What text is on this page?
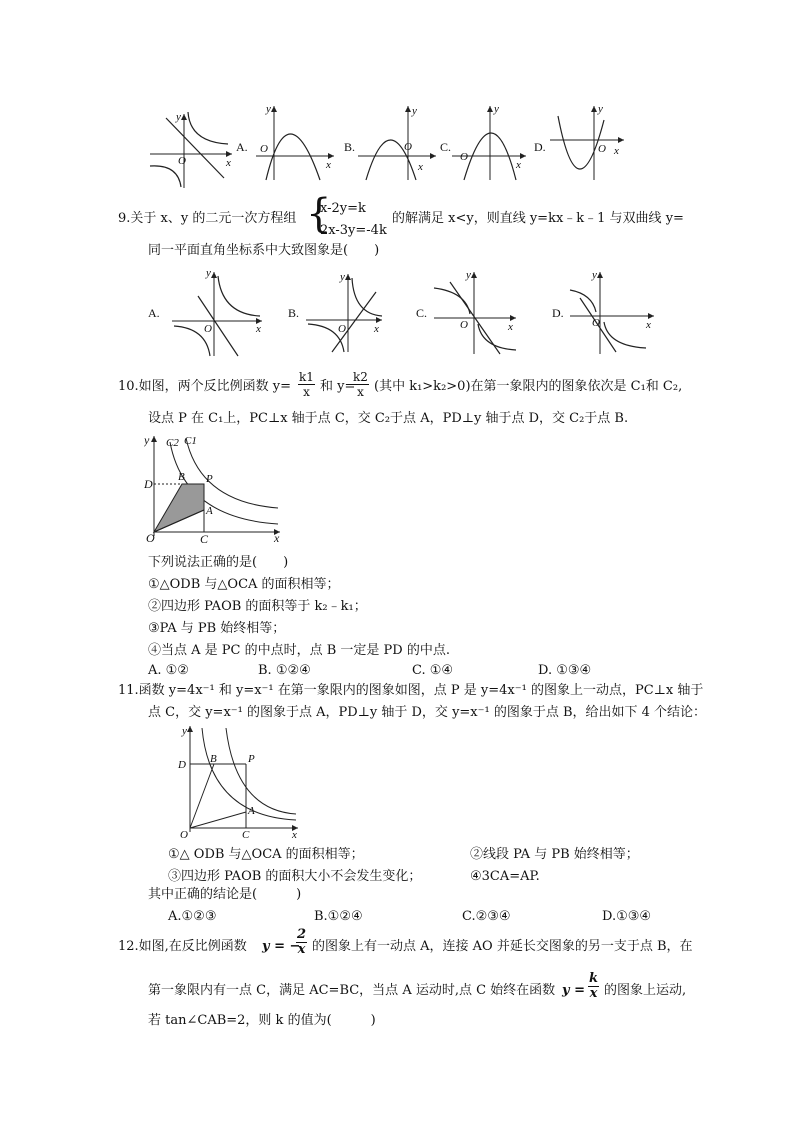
O	x
y
A. O
x
y
B.	O
x
y
C.
O
x
y
D.	O x
y
9.关于 x、y 的二元一次方程组 {
x-2y=k
2x-3y=-4k
的解满足 x<y，则直线 y=kx﹣k﹣1 与双曲线 y=
同一平面直角坐标系中大致图象是(　　)
A.
O	x
y
B.
O	x
y
C.
O	x
y
D.
O	x
y
10.如图，两个反比例函数 $y= \frac{k1}{x}$ 和 y=
$\frac{k2}{x}$ (其中 k₁>k₂>0)在第一象限内的图象依次是 C₁和 C₂,
设点 P 在 C₁上，PC⊥x 轴于点 C，交 C₂于点 A，PD⊥y 轴于点 D，交 C₂于点 B.
y C2 C1
D B P
A
O	C	x
下列说法正确的是(　　)
①△ODB 与△OCA 的面积相等；
②四边形 PAOB 的面积等于 k₂﹣k₁；
③PA 与 PB 始终相等；
④当点 A 是 PC 的中点时，点 B 一定是 PD 的中点.
A. ①②	B. ①②④	C. ①④	D. ①③④
11.函数 y=4x⁻¹ 和 y=x⁻¹ 在第一象限内的图象如图，点 P 是 y=4x⁻¹ 的图象上一动点，PC⊥x 轴于
点 C，交 y=x⁻¹ 的图象于点 A，PD⊥y 轴于 D，交 y=x⁻¹ 的图象于点 B，给出如下 4 个结论：
y
D B	P
A
O	C	x
①△ ODB 与△OCA 的面积相等；	②线段 PA 与 PB 始终相等；
③四边形 PAOB 的面积大小不会发生变化；	④3CA=AP.
其中正确的结论是(　　　)
A.①②③	B.①②④	C.②③④	D.①③④
12.如图,在反比例函数 y = −
$\frac{2}{x}$ 的图象上有一动点 A，连接 AO 并延长交图象的另一支于点 B，在
第一象限内有一点 C，满足 AC=BC，当点 A 运动时,点 C 始终在函数 $y = \frac{k}{x}$ 的图象上运动,
若 tan∠CAB=2，则 k 的值为(　　　)
